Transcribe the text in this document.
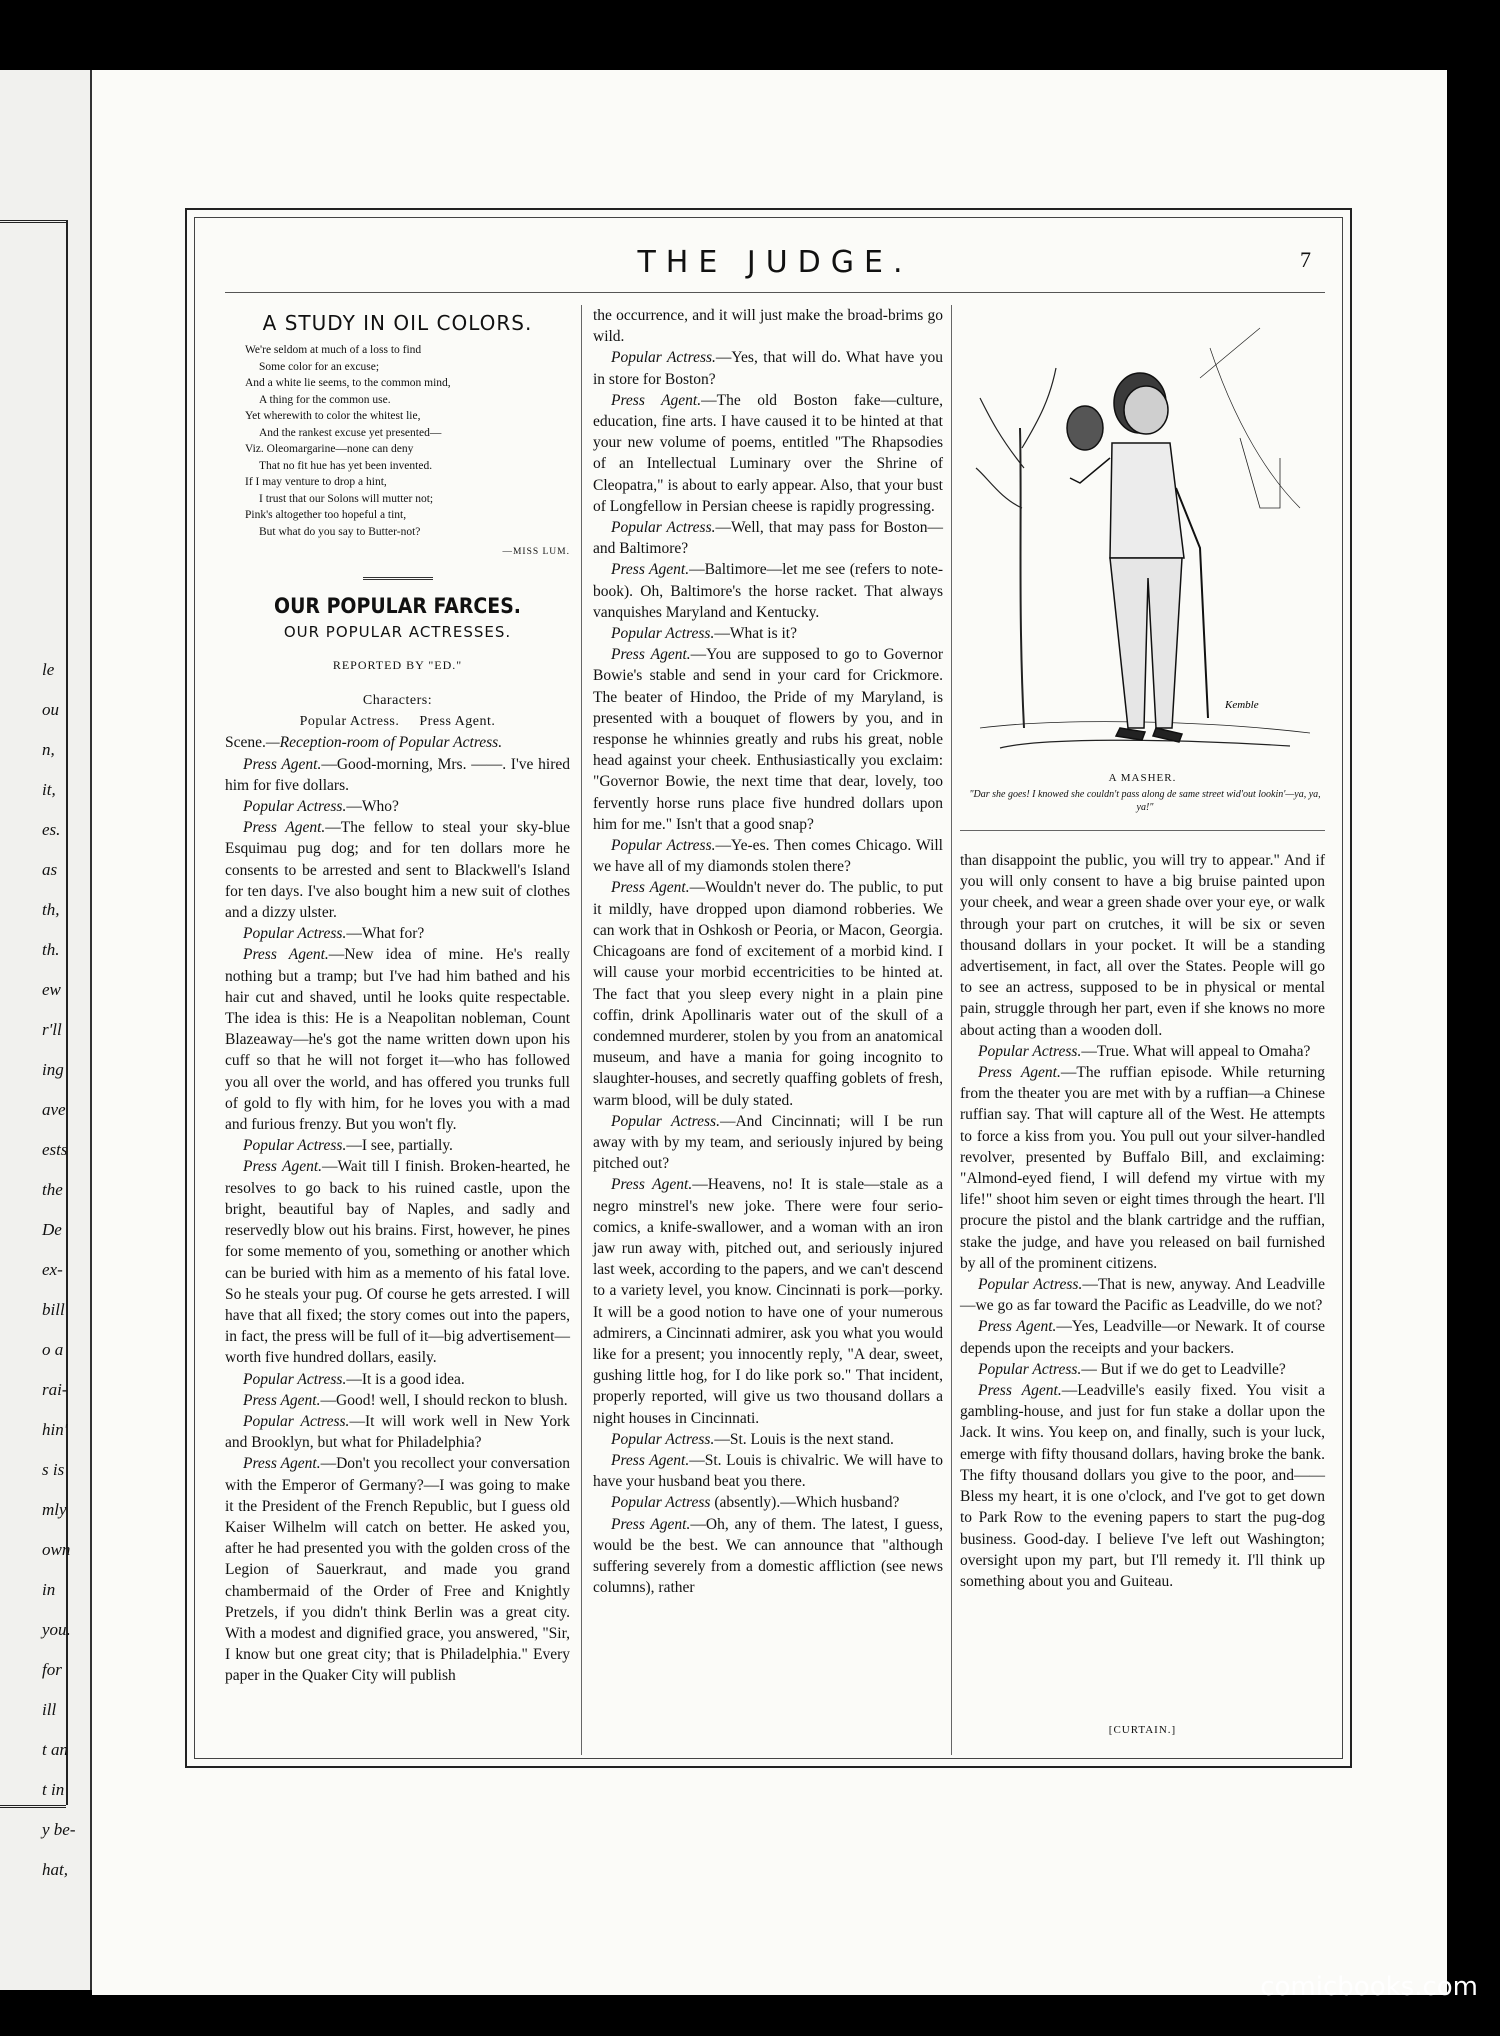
le
ou
n,
it,
es.
as
th,
th.
ew
r'll
ing
ave
ests
the
De
ex-
bill
o a
rai-
hin'
s is
mly
own
in
you.
for
ill
t an
t in
y be-
hat,
THE JUDGE.	7
A STUDY IN OIL COLORS.
We're seldom at much of a loss to find
Some color for an excuse;
And a white lie seems, to the common mind,
A thing for the common use.
Yet wherewith to color the whitest lie,
And the rankest excuse yet presented—
Viz. Oleomargarine—none can deny
That no fit hue has yet been invented.
If I may venture to drop a hint,
I trust that our Solons will mutter not;
Pink's altogether too hopeful a tint,
But what do you say to Butter-not?
—MISS LUM.
OUR POPULAR FARCES.
OUR POPULAR ACTRESSES.
REPORTED BY "ED."
Characters:
Popular Actress.     Press Agent.

Scene.—Reception-room of Popular Actress.

Press Agent.—Good-morning, Mrs. ——. I've hired him for five dollars.

Popular Actress.—Who?

Press Agent.—The fellow to steal your sky-blue Esquimau pug dog; and for ten dollars more he consents to be arrested and sent to Blackwell's Island for ten days. I've also bought him a new suit of clothes and a dizzy ulster.

Popular Actress.—What for?

Press Agent.—New idea of mine. He's really nothing but a tramp; but I've had him bathed and his hair cut and shaved, until he looks quite respectable. The idea is this: He is a Neapolitan nobleman, Count Blazeaway—he's got the name written down upon his cuff so that he will not forget it—who has followed you all over the world, and has offered you trunks full of gold to fly with him, for he loves you with a mad and furious frenzy. But you won't fly.

Popular Actress.—I see, partially.

Press Agent.—Wait till I finish. Broken-hearted, he resolves to go back to his ruined castle, upon the bright, beautiful bay of Naples, and sadly and reservedly blow out his brains. First, however, he pines for some memento of you, something or another which can be buried with him as a memento of his fatal love. So he steals your pug. Of course he gets arrested. I will have that all fixed; the story comes out into the papers, in fact, the press will be full of it—big advertisement—worth five hundred dollars, easily.

Popular Actress.—It is a good idea.

Press Agent.—Good! well, I should reckon to blush.

Popular Actress.—It will work well in New York and Brooklyn, but what for Philadelphia?

Press Agent.—Don't you recollect your conversation with the Emperor of Germany?—I was going to make it the President of the French Republic, but I guess old Kaiser Wilhelm will catch on better. He asked you, after he had presented you with the golden cross of the Legion of Sauerkraut, and made you grand chambermaid of the Order of Free and Knightly Pretzels, if you didn't think Berlin was a great city. With a modest and dignified grace, you answered, "Sir, I know but one great city; that is Philadelphia." Every paper in the Quaker City will publish

the occurrence, and it will just make the broad-brims go wild.

Popular Actress.—Yes, that will do. What have you in store for Boston?

Press Agent.—The old Boston fake—culture, education, fine arts. I have caused it to be hinted at that your new volume of poems, entitled "The Rhapsodies of an Intellectual Luminary over the Shrine of Cleopatra," is about to early appear. Also, that your bust of Longfellow in Persian cheese is rapidly progressing.

Popular Actress.—Well, that may pass for Boston—and Baltimore?

Press Agent.—Baltimore—let me see (refers to note-book). Oh, Baltimore's the horse racket. That always vanquishes Maryland and Kentucky.

Popular Actress.—What is it?

Press Agent.—You are supposed to go to Governor Bowie's stable and send in your card for Crickmore. The beater of Hindoo, the Pride of my Maryland, is presented with a bouquet of flowers by you, and in response he whinnies greatly and rubs his great, noble head against your cheek. Enthusiastically you exclaim: "Governor Bowie, the next time that dear, lovely, too fervently horse runs place five hundred dollars upon him for me." Isn't that a good snap?

Popular Actress.—Ye-es. Then comes Chicago. Will we have all of my diamonds stolen there?

Press Agent.—Wouldn't never do. The public, to put it mildly, have dropped upon diamond robberies. We can work that in Oshkosh or Peoria, or Macon, Georgia. Chicagoans are fond of excitement of a morbid kind. I will cause your morbid eccentricities to be hinted at. The fact that you sleep every night in a plain pine coffin, drink Apollinaris water out of the skull of a condemned murderer, stolen by you from an anatomical museum, and have a mania for going incognito to slaughter-houses, and secretly quaffing goblets of fresh, warm blood, will be duly stated.

Popular Actress.—And Cincinnati; will I be run away with by my team, and seriously injured by being pitched out?

Press Agent.—Heavens, no! It is stale—stale as a negro minstrel's new joke. There were four serio-comics, a knife-swallower, and a woman with an iron jaw run away with, pitched out, and seriously injured last week, according to the papers, and we can't descend to a variety level, you know. Cincinnati is pork—porky. It will be a good notion to have one of your numerous admirers, a Cincinnati admirer, ask you what you would like for a present; you innocently reply, "A dear, sweet, gushing little hog, for I do like pork so." That incident, properly reported, will give us two thousand dollars a night houses in Cincinnati.

Popular Actress.—St. Louis is the next stand.

Press Agent.—St. Louis is chivalric. We will have to have your husband beat you there.

Popular Actress (absently).—Which husband?

Press Agent.—Oh, any of them. The latest, I guess, would be the best. We can announce that "although suffering severely from a domestic affliction (see news columns), rather

Kemble
A MASHER.
"Dar she goes! I knowed she couldn't pass along de same street wid'out lookin'—ya, ya, ya!"

than disappoint the public, you will try to appear." And if you will only consent to have a big bruise painted upon your cheek, and wear a green shade over your eye, or walk through your part on crutches, it will be six or seven thousand dollars in your pocket. It will be a standing advertisement, in fact, all over the States. People will go to see an actress, supposed to be in physical or mental pain, struggle through her part, even if she knows no more about acting than a wooden doll.

Popular Actress.—True. What will appeal to Omaha?

Press Agent.—The ruffian episode. While returning from the theater you are met with by a ruffian—a Chinese ruffian say. That will capture all of the West. He attempts to force a kiss from you. You pull out your silver-handled revolver, presented by Buffalo Bill, and exclaiming: "Almond-eyed fiend, I will defend my virtue with my life!" shoot him seven or eight times through the heart. I'll procure the pistol and the blank cartridge and the ruffian, stake the judge, and have you released on bail furnished by all of the prominent citizens.

Popular Actress.—That is new, anyway. And Leadville—we go as far toward the Pacific as Leadville, do we not?

Press Agent.—Yes, Leadville—or Newark. It of course depends upon the receipts and your backers.

Popular Actress.— But if we do get to Leadville?

Press Agent.—Leadville's easily fixed. You visit a gambling-house, and just for fun stake a dollar upon the Jack. It wins. You keep on, and finally, such is your luck, emerge with fifty thousand dollars, having broke the bank. The fifty thousand dollars you give to the poor, and—— Bless my heart, it is one o'clock, and I've got to get down to Park Row to the evening papers to start the pug-dog business. Good-day. I believe I've left out Washington; oversight upon my part, but I'll remedy it. I'll think up something about you and Guiteau.

[CURTAIN.]
comicbooks.com
